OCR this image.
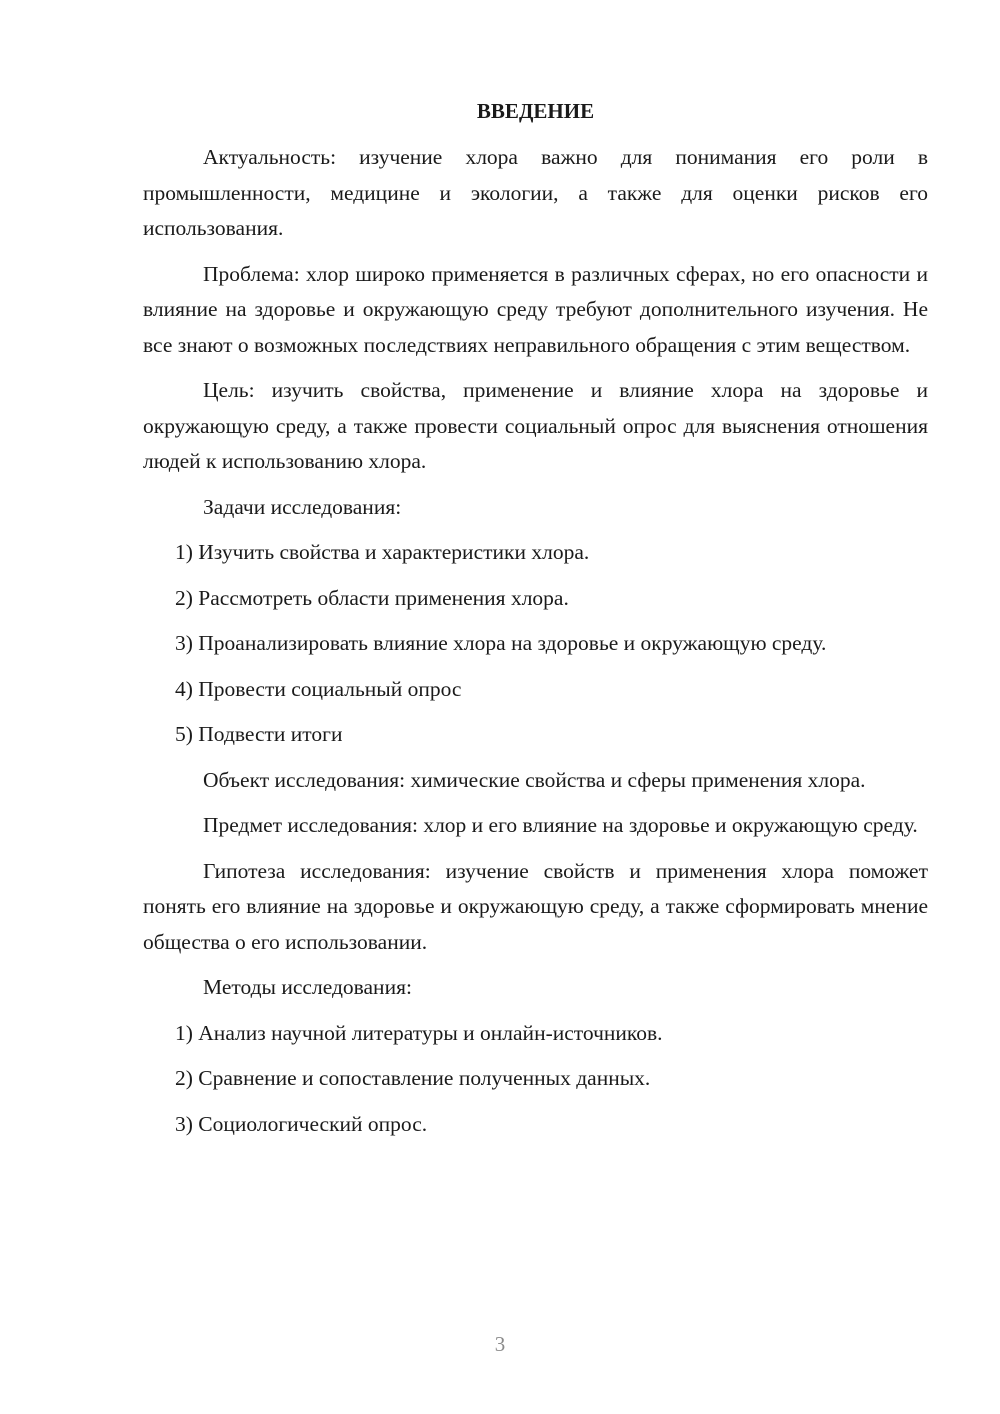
ВВЕДЕНИЕ

Актуальность: изучение хлора важно для понимания его роли в промышленности, медицине и экологии, а также для оценки рисков его использования.

Проблема: хлор широко применяется в различных сферах, но его опасности и влияние на здоровье и окружающую среду требуют дополнительного изучения. Не все знают о возможных последствиях неправильного обращения с этим веществом.

Цель: изучить свойства, применение и влияние хлора на здоровье и окружающую среду, а также провести социальный опрос для выяснения отношения людей к использованию хлора.

Задачи исследования:

1) Изучить свойства и характеристики хлора.

2) Рассмотреть области применения хлора.

3) Проанализировать влияние хлора на здоровье и окружающую среду.

4) Провести социальный опрос

5) Подвести итоги

Объект исследования: химические свойства и сферы применения хлора.

Предмет исследования: хлор и его влияние на здоровье и окружающую среду.

Гипотеза исследования: изучение свойств и применения хлора поможет понять его влияние на здоровье и окружающую среду, а также сформировать мнение общества о его использовании.

Методы исследования:

1) Анализ научной литературы и онлайн-источников.

2) Сравнение и сопоставление полученных данных.

3) Социологический опрос.

3
